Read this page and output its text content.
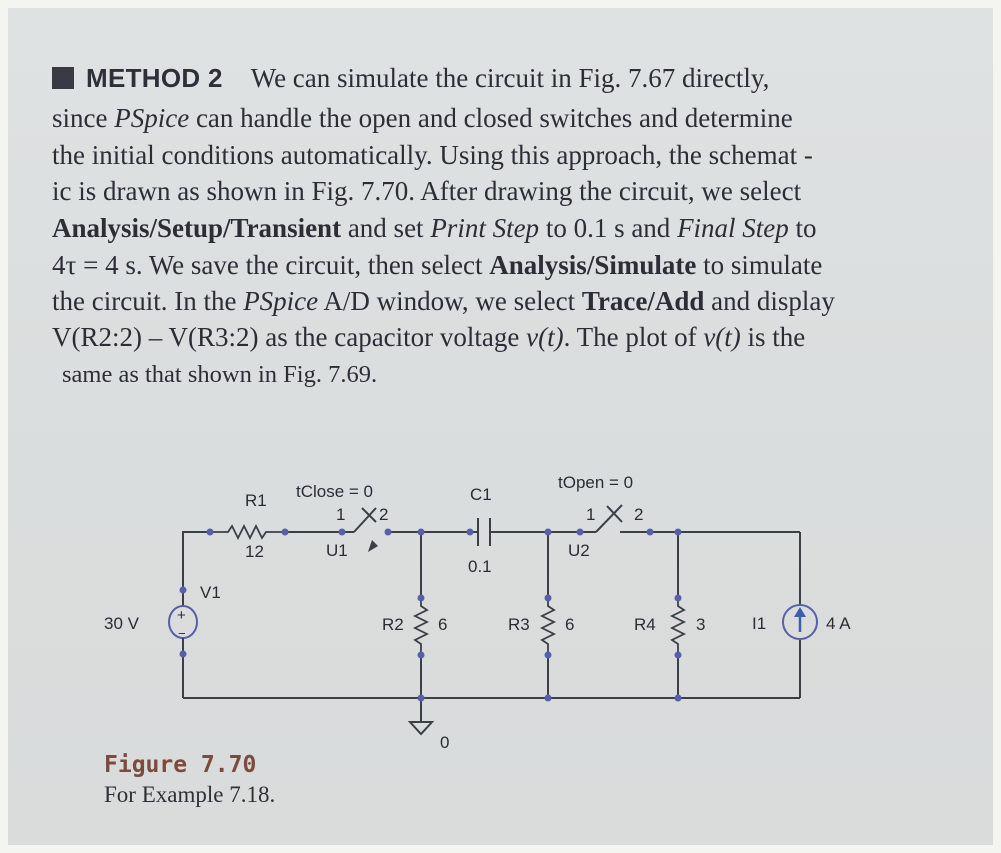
METHOD 2 We can simulate the circuit in Fig. 7.67 directly,
since PSpice can handle the open and closed switches and determine
the initial conditions automatically. Using this approach, the schemat -
ic is drawn as shown in Fig. 7.70. After drawing the circuit, we select
Analysis/Setup/Transient and set Print Step to 0.1 s and Final Step to
4τ = 4 s. We save the circuit, then select Analysis/Simulate to simulate
the circuit. In the PSpice A/D window, we select Trace/Add and display
V(R2:2) – V(R3:2) as the capacitor voltage v(t). The plot of v(t) is the
same as that shown in Fig. 7.69.
R1
12
tClose = 0
1 2
U1
C1
0.1
tOpen = 0
1 2
U2
+
−
V1
30 V	R2 6	R3 6	R4 3	I1	4 A
0
Figure 7.70
For Example 7.18.
